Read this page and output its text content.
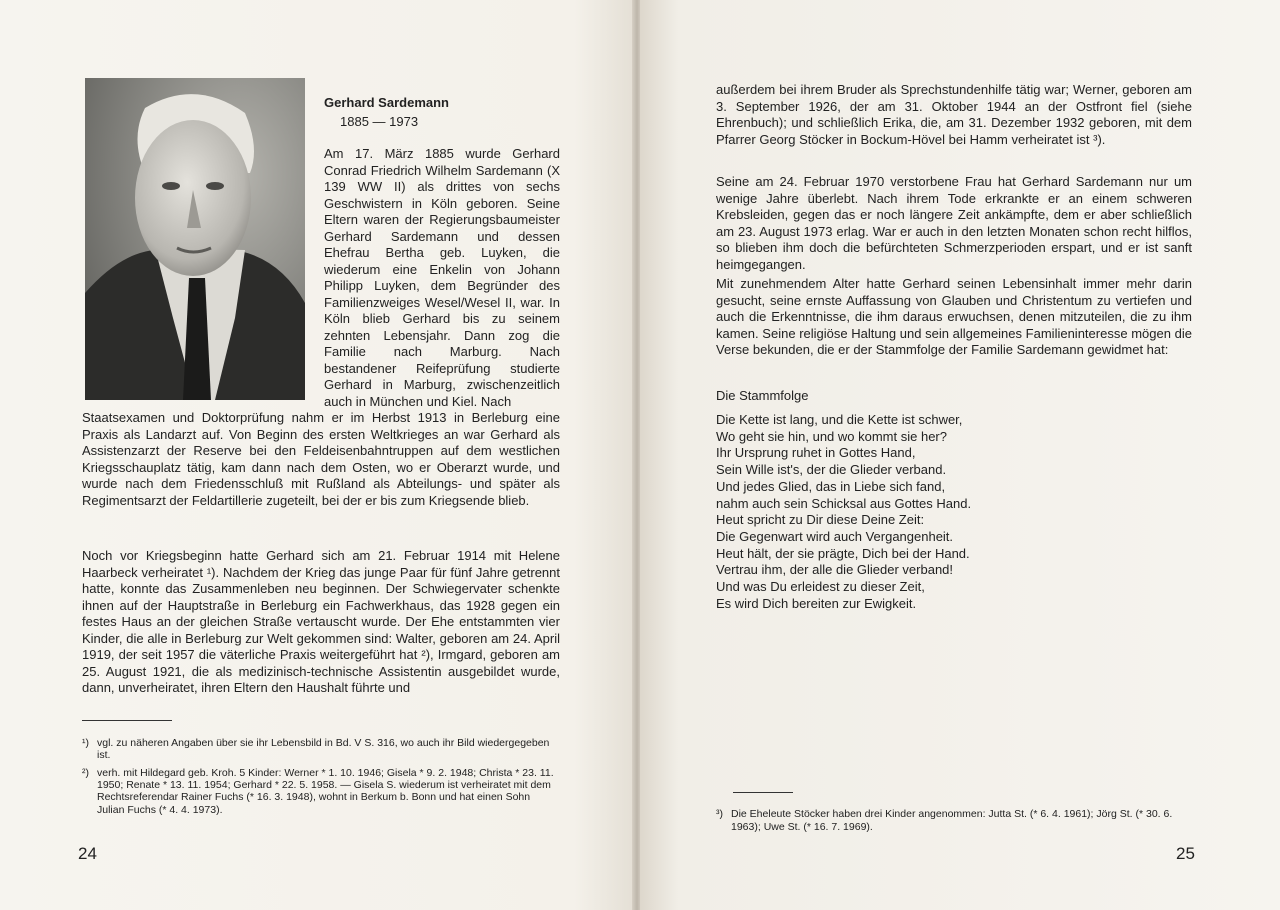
Gerhard Sardemann
1885 — 1973

Am 17. März 1885 wurde Gerhard Conrad Friedrich Wilhelm Sardemann (X 139 WW II) als drittes von sechs Geschwistern in Köln geboren. Seine Eltern waren der Regierungsbaumeister Gerhard Sardemann und dessen Ehefrau Bertha geb. Luyken, die wiederum eine Enkelin von Johann Philipp Luyken, dem Begründer des Familienzweiges Wesel/Wesel II, war. In Köln blieb Gerhard bis zu seinem zehnten Lebensjahr. Dann zog die Familie nach Marburg. Nach bestandener Reifeprüfung studierte Gerhard in Marburg, zwischenzeitlich auch in München und Kiel. Nach

Staatsexamen und Doktorprüfung nahm er im Herbst 1913 in Berleburg eine Praxis als Landarzt auf. Von Beginn des ersten Weltkrieges an war Gerhard als Assistenzarzt der Reserve bei den Feldeisenbahntruppen auf dem westlichen Kriegsschauplatz tätig, kam dann nach dem Osten, wo er Oberarzt wurde, und wurde nach dem Friedensschluß mit Rußland als Abteilungs- und später als Regimentsarzt der Feldartillerie zugeteilt, bei der er bis zum Kriegsende blieb.

Noch vor Kriegsbeginn hatte Gerhard sich am 21. Februar 1914 mit Helene Haarbeck verheiratet ¹). Nachdem der Krieg das junge Paar für fünf Jahre getrennt hatte, konnte das Zusammenleben neu beginnen. Der Schwiegervater schenkte ihnen auf der Hauptstraße in Berleburg ein Fachwerkhaus, das 1928 gegen ein festes Haus an der gleichen Straße vertauscht wurde. Der Ehe entstammten vier Kinder, die alle in Berleburg zur Welt gekommen sind: Walter, geboren am 24. April 1919, der seit 1957 die väterliche Praxis weitergeführt hat ²), Irmgard, geboren am 25. August 1921, die als medizinisch-technische Assistentin ausgebildet wurde, dann, unverheiratet, ihren Eltern den Haushalt führte und

¹) vgl. zu näheren Angaben über sie ihr Lebensbild in Bd. V S. 316, wo auch ihr Bild wiedergegeben ist.

²) verh. mit Hildegard geb. Kroh. 5 Kinder: Werner * 1. 10. 1946; Gisela * 9. 2. 1948; Christa * 23. 11. 1950; Renate * 13. 11. 1954; Gerhard * 22. 5. 1958. — Gisela S. wiederum ist verheiratet mit dem Rechtsreferendar Rainer Fuchs (* 16. 3. 1948), wohnt in Berkum b. Bonn und hat einen Sohn Julian Fuchs (* 4. 4. 1973).

24

außerdem bei ihrem Bruder als Sprechstundenhilfe tätig war; Werner, geboren am 3. September 1926, der am 31. Oktober 1944 an der Ostfront fiel (siehe Ehrenbuch); und schließlich Erika, die, am 31. Dezember 1932 geboren, mit dem Pfarrer Georg Stöcker in Bockum-Hövel bei Hamm verheiratet ist ³).

Seine am 24. Februar 1970 verstorbene Frau hat Gerhard Sardemann nur um wenige Jahre überlebt. Nach ihrem Tode erkrankte er an einem schweren Krebsleiden, gegen das er noch längere Zeit ankämpfte, dem er aber schließlich am 23. August 1973 erlag. War er auch in den letzten Monaten schon recht hilflos, so blieben ihm doch die befürchteten Schmerzperioden erspart, und er ist sanft heimgegangen.

Mit zunehmendem Alter hatte Gerhard seinen Lebensinhalt immer mehr darin gesucht, seine ernste Auffassung von Glauben und Christentum zu vertiefen und auch die Erkenntnisse, die ihm daraus erwuchsen, denen mitzuteilen, die zu ihm kamen. Seine religiöse Haltung und sein allgemeines Familieninteresse mögen die Verse bekunden, die er der Stammfolge der Familie Sardemann gewidmet hat:

Die Stammfolge
Die Kette ist lang, und die Kette ist schwer,
Wo geht sie hin, und wo kommt sie her?
Ihr Ursprung ruhet in Gottes Hand,
Sein Wille ist's, der die Glieder verband.
Und jedes Glied, das in Liebe sich fand,
nahm auch sein Schicksal aus Gottes Hand.
Heut spricht zu Dir diese Deine Zeit:
Die Gegenwart wird auch Vergangenheit.
Heut hält, der sie prägte, Dich bei der Hand.
Vertrau ihm, der alle die Glieder verband!
Und was Du erleidest zu dieser Zeit,
Es wird Dich bereiten zur Ewigkeit.

³) Die Eheleute Stöcker haben drei Kinder angenommen: Jutta St. (* 6. 4. 1961); Jörg St. (* 30. 6. 1963); Uwe St. (* 16. 7. 1969).

25
